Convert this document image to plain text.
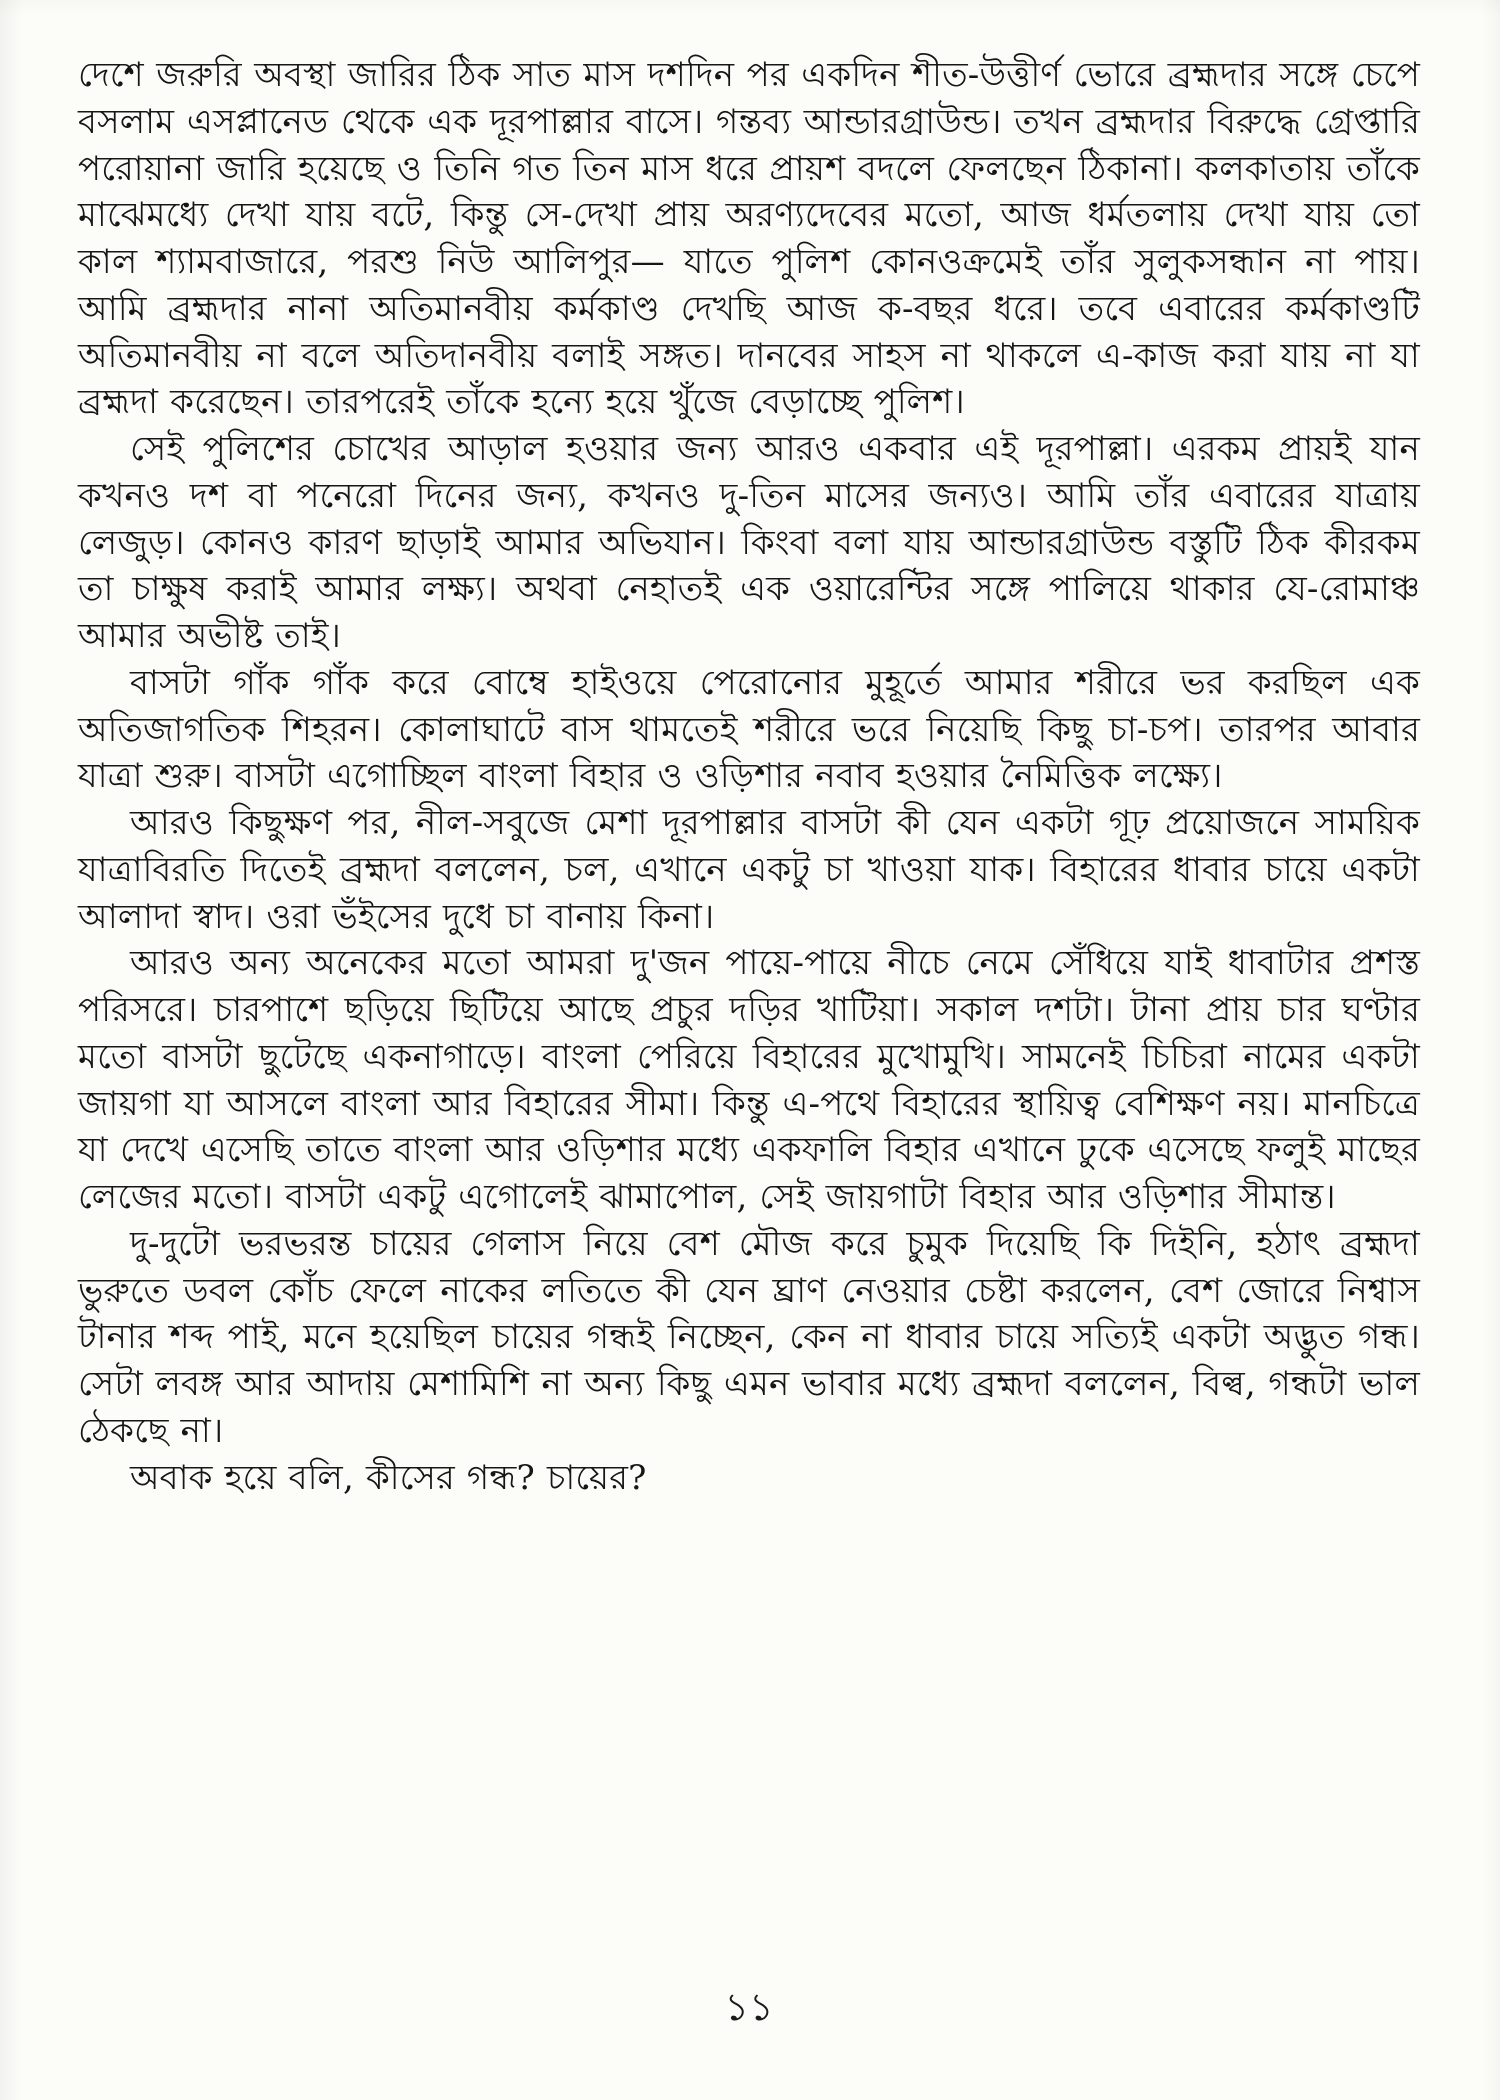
দেশে জরুরি অবস্থা জারির ঠিক সাত মাস দশদিন পর একদিন শীত-উত্তীর্ণ ভোরে ব্রহ্মদার সঙ্গে চেপে বসলাম এসপ্লানেড থেকে এক দূরপাল্লার বাসে। গন্তব্য আন্ডারগ্রাউন্ড। তখন ব্রহ্মদার বিরুদ্ধে গ্রেপ্তারি পরোয়ানা জারি হয়েছে ও তিনি গত তিন মাস ধরে প্রায়শ বদলে ফেলছেন ঠিকানা। কলকাতায় তাঁকে মাঝেমধ্যে দেখা যায় বটে, কিন্তু সে-দেখা প্রায় অরণ্যদেবের মতো, আজ ধর্মতলায় দেখা যায় তো কাল শ্যামবাজারে, পরশু নিউ আলিপুর— যাতে পুলিশ কোনওক্রমেই তাঁর সুলুকসন্ধান না পায়। আমি ব্রহ্মদার নানা অতিমানবীয় কর্মকাণ্ড দেখছি আজ ক-বছর ধরে। তবে এবারের কর্মকাণ্ডটি অতিমানবীয় না বলে অতিদানবীয় বলাই সঙ্গত। দানবের সাহস না থাকলে এ-কাজ করা যায় না যা ব্রহ্মদা করেছেন। তারপরেই তাঁকে হন্যে হয়ে খুঁজে বেড়াচ্ছে পুলিশ।

সেই পুলিশের চোখের আড়াল হওয়ার জন্য আরও একবার এই দূরপাল্লা। এরকম প্রায়ই যান কখনও দশ বা পনেরো দিনের জন্য, কখনও দু-তিন মাসের জন্যও। আমি তাঁর এবারের যাত্রায় লেজুড়। কোনও কারণ ছাড়াই আমার অভিযান। কিংবা বলা যায় আন্ডারগ্রাউন্ড বস্তুটি ঠিক কীরকম তা চাক্ষুষ করাই আমার লক্ষ্য। অথবা নেহাতই এক ওয়ারেন্টির সঙ্গে পালিয়ে থাকার যে-রোমাঞ্চ আমার অভীষ্ট তাই।

বাসটা গাঁক গাঁক করে বোম্বে হাইওয়ে পেরোনোর মুহূর্তে আমার শরীরে ভর করছিল এক অতিজাগতিক শিহরন। কোলাঘাটে বাস থামতেই শরীরে ভরে নিয়েছি কিছু চা-চপ। তারপর আবার যাত্রা শুরু। বাসটা এগোচ্ছিল বাংলা বিহার ও ওড়িশার নবাব হওয়ার নৈমিত্তিক লক্ষ্যে।

আরও কিছুক্ষণ পর, নীল-সবুজে মেশা দূরপাল্লার বাসটা কী যেন একটা গূঢ় প্রয়োজনে সাময়িক যাত্রাবিরতি দিতেই ব্রহ্মদা বললেন, চল, এখানে একটু চা খাওয়া যাক। বিহারের ধাবার চায়ে একটা আলাদা স্বাদ। ওরা ভঁইসের দুধে চা বানায় কিনা।

আরও অন্য অনেকের মতো আমরা দু'জন পায়ে-পায়ে নীচে নেমে সেঁধিয়ে যাই ধাবাটার প্রশস্ত পরিসরে। চারপাশে ছড়িয়ে ছিটিয়ে আছে প্রচুর দড়ির খাটিয়া। সকাল দশটা। টানা প্রায় চার ঘণ্টার মতো বাসটা ছুটেছে একনাগাড়ে। বাংলা পেরিয়ে বিহারের মুখোমুখি। সামনেই চিচিরা নামের একটা জায়গা যা আসলে বাংলা আর বিহারের সীমা। কিন্তু এ-পথে বিহারের স্থায়িত্ব বেশিক্ষণ নয়। মানচিত্রে যা দেখে এসেছি তাতে বাংলা আর ওড়িশার মধ্যে একফালি বিহার এখানে ঢুকে এসেছে ফলুই মাছের লেজের মতো। বাসটা একটু এগোলেই ঝামাপোল, সেই জায়গাটা বিহার আর ওড়িশার সীমান্ত।

দু-দুটো ভরভরন্ত চায়ের গেলাস নিয়ে বেশ মৌজ করে চুমুক দিয়েছি কি দিইনি, হঠাৎ ব্রহ্মদা ভুরুতে ডবল কোঁচ ফেলে নাকের লতিতে কী যেন ঘ্রাণ নেওয়ার চেষ্টা করলেন, বেশ জোরে নিশ্বাস টানার শব্দ পাই, মনে হয়েছিল চায়ের গন্ধই নিচ্ছেন, কেন না ধাবার চায়ে সত্যিই একটা অদ্ভুত গন্ধ। সেটা লবঙ্গ আর আদায় মেশামিশি না অন্য কিছু এমন ভাবার মধ্যে ব্রহ্মদা বললেন, বিল্ব, গন্ধটা ভাল ঠেকছে না।

অবাক হয়ে বলি, কীসের গন্ধ? চায়ের?

১১
